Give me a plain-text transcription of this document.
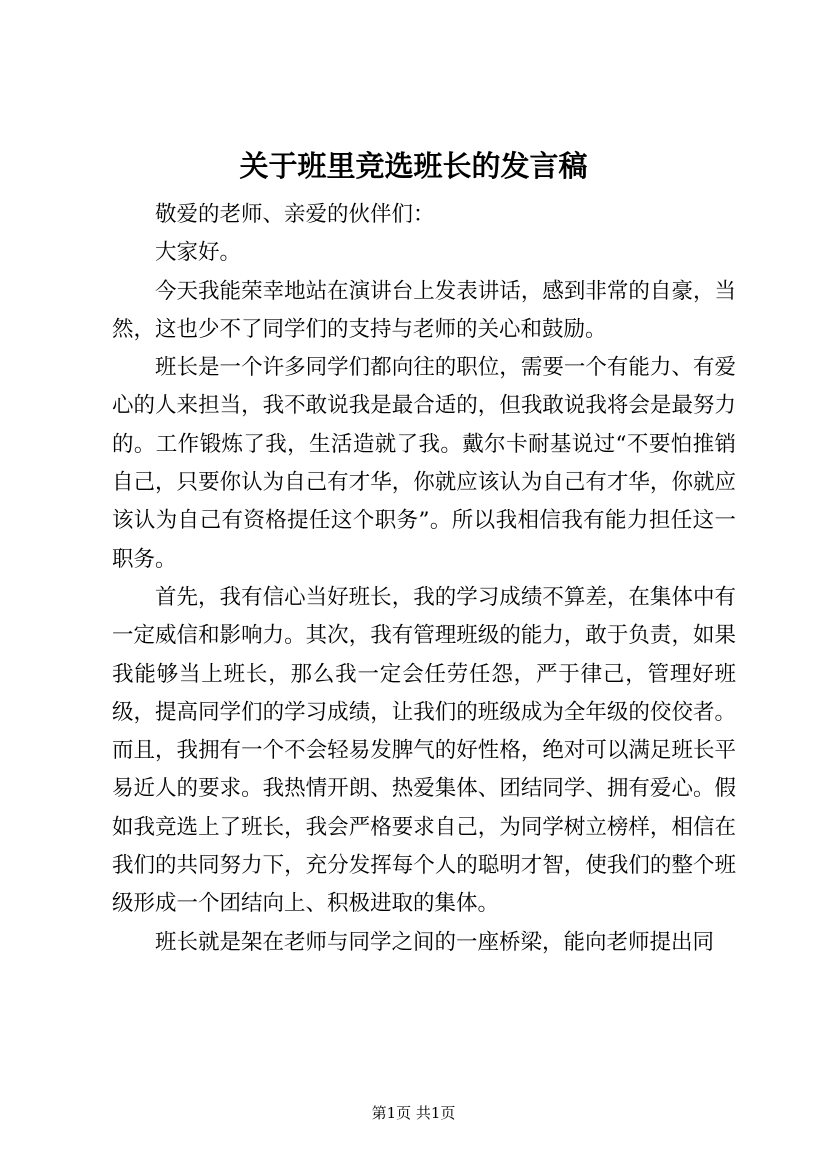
关于班里竞选班长的发言稿

敬爱的老师、亲爱的伙伴们：

大家好。

今天我能荣幸地站在演讲台上发表讲话，感到非常的自豪，当然，这也少不了同学们的支持与老师的关心和鼓励。

班长是一个许多同学们都向往的职位，需要一个有能力、有爱心的人来担当，我不敢说我是最合适的，但我敢说我将会是最努力的。工作锻炼了我，生活造就了我。戴尔卡耐基说过“不要怕推销自己，只要你认为自己有才华，你就应该认为自己有才华，你就应该认为自己有资格提任这个职务”。所以我相信我有能力担任这一职务。

首先，我有信心当好班长，我的学习成绩不算差，在集体中有一定威信和影响力。其次，我有管理班级的能力，敢于负责，如果我能够当上班长，那么我一定会任劳任怨，严于律己，管理好班级，提高同学们的学习成绩，让我们的班级成为全年级的佼佼者。而且，我拥有一个不会轻易发脾气的好性格，绝对可以满足班长平易近人的要求。我热情开朗、热爱集体、团结同学、拥有爱心。假如我竞选上了班长，我会严格要求自己，为同学树立榜样，相信在我们的共同努力下，充分发挥每个人的聪明才智，使我们的整个班级形成一个团结向上、积极进取的集体。

班长就是架在老师与同学之间的一座桥梁，能向老师提出同

第1页 共1页
